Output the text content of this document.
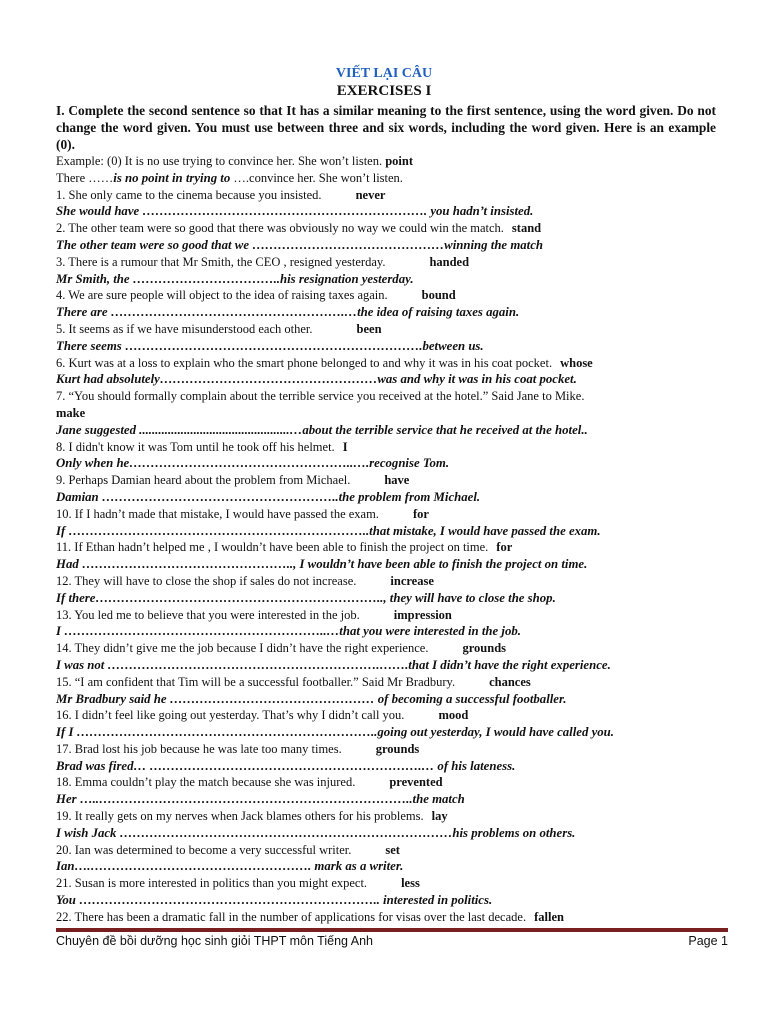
VIẾT LẠI CÂU
EXERCISES I
I. Complete the second sentence so that It has a similar meaning to the first sentence, using the word given. Do not change the word given. You must use between three and six words, including the word given. Here is an example (0).
Example: (0) It is no use trying to convince her. She won’t listen. point
There ……is no point in trying to ….convince her. She won’t listen.
1. She only came to the cinema because you insisted.	never
She would have …………………………………………………………. you hadn’t insisted.
2. The other team were so good that there was obviously no way we could win the match. stand
The other team were so good that we ………………………………………winning the match
3. There is a rumour that Mr Smith, the CEO , resigned yesterday.	handed
Mr Smith, the ……………………………..his resignation yesterday.
4. We are sure people will object to the idea of raising taxes again.	bound
There are ……………………………………………….…the idea of raising taxes again.
5. It seems as if we have misunderstood each other.	been
There seems …………………………………………………………….between us.
6. Kurt was at a loss to explain who the smart phone belonged to and why it was in his coat pocket. whose
Kurt had absolutely……………………………………………was and why it was in his coat pocket.
7. “You should formally complain about the terrible service you received at the hotel.” Said Jane to Mike.
make
Jane suggested ...............................................…about the terrible service that he received at the hotel..
8. I didn't know it was Tom until he took off his helmet. I
Only when he……………………………………………..….recognise Tom.
9. Perhaps Damian heard about the problem from Michael.	have
Damian ………………………………………………..the problem from Michael.
10. If I hadn’t made that mistake, I would have passed the exam.	for
If ……………………………………………………………..that mistake, I would have passed the exam.
11. If Ethan hadn’t helped me , I wouldn’t have been able to finish the project on time. for
Had ………………………………………….., I wouldn’t have been able to finish the project on time.
12. They will have to close the shop if sales do not increase.	increase
If there………………………………………………………….., they will have to close the shop.
13. You led me to believe that you were interested in the job.	impression
I ……………………………………………………..…that you were interested in the job.
14. They didn’t give me the job because I didn’t have the right experience.	grounds
I was not ……………………………………………………….…….that I didn’t have the right experience.
15. “I am confident that Tim will be a successful footballer.” Said Mr Bradbury.	chances
Mr Bradbury said he ………………………………………… of becoming a successful footballer.
16. I didn’t feel like going out yesterday. That’s why I didn’t call you.	mood
If I ……………………………………………………………..going out yesterday, I would have called you.
17. Brad lost his job because he was late too many times.	grounds
Brad was fired… ……………………………………………………….… of his lateness.
18. Emma couldn’t play the match because she was injured.	prevented
Her …..………………………………………………………………..the match
19. It really gets on my nerves when Jack blames others for his problems. lay
I wish Jack ……………………………………………………………………his problems on others.
20. Ian was determined to become a very successful writer.	set
Ian….……………………………………………. mark as a writer.
21. Susan is more interested in politics than you might expect.	less
You …………………………………………………………….. interested in politics.
22. There has been a dramatic fall in the number of applications for visas over the last decade. fallen
Chuyên đề bồi dưỡng học sinh giỏi THPT môn Tiếng Anh	Page 1
